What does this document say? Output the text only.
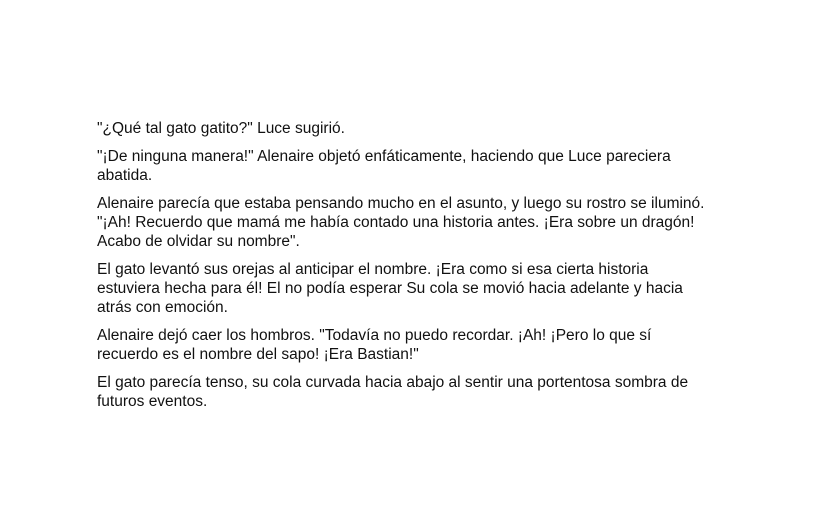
"¿Qué tal gato gatito?" Luce sugirió.

"¡De ninguna manera!" Alenaire objetó enfáticamente, haciendo que Luce pareciera
abatida.

Alenaire parecía que estaba pensando mucho en el asunto, y luego su rostro se iluminó.
"¡Ah! Recuerdo que mamá me había contado una historia antes. ¡Era sobre un dragón!
Acabo de olvidar su nombre".

El gato levantó sus orejas al anticipar el nombre. ¡Era como si esa cierta historia
estuviera hecha para él! El no podía esperar Su cola se movió hacia adelante y hacia
atrás con emoción.

Alenaire dejó caer los hombros. "Todavía no puedo recordar. ¡Ah! ¡Pero lo que sí
recuerdo es el nombre del sapo! ¡Era Bastian!"

El gato parecía tenso, su cola curvada hacia abajo al sentir una portentosa sombra de
futuros eventos.
